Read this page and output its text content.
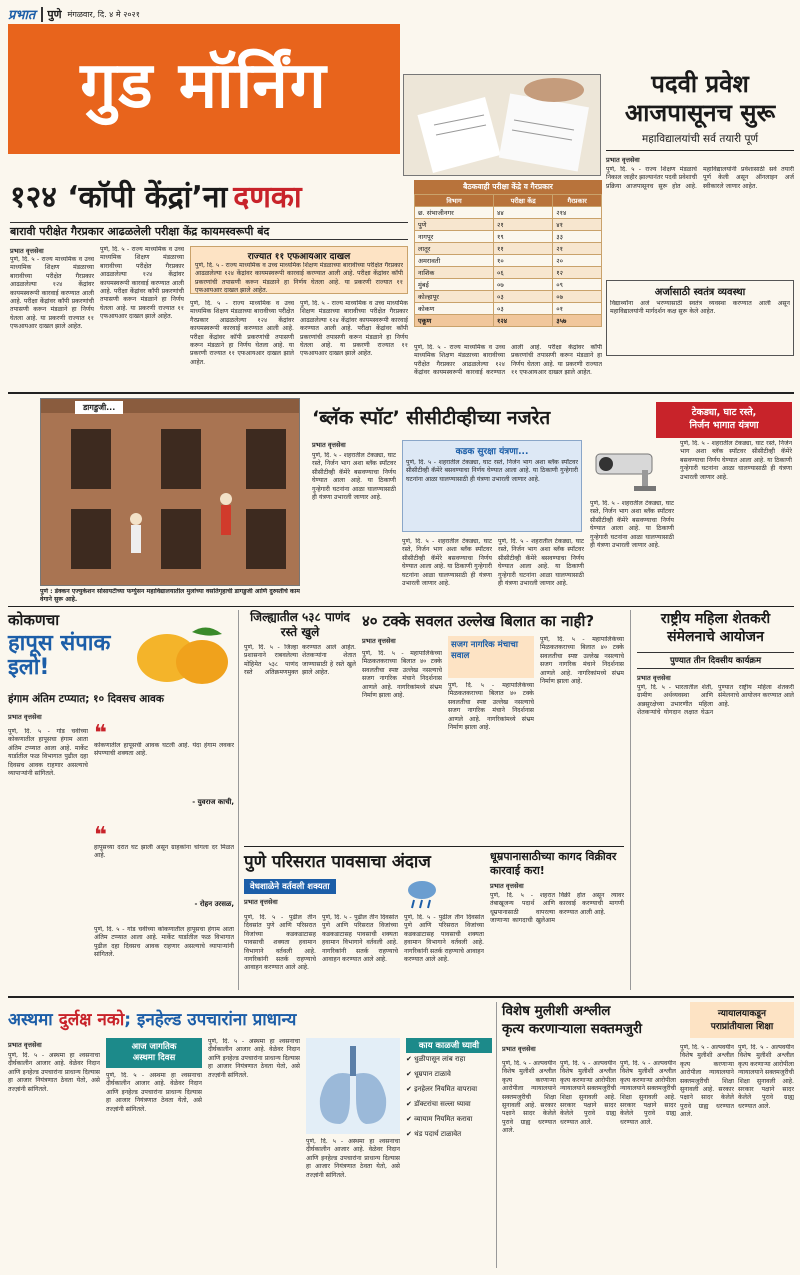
प्रभात	पुणे मंगळवार, दि. ४ मे २०२१
गुड मॉर्निंग	पदवी प्रवेश
आजपासूनच सुरू
महाविद्यालयांची सर्व तयारी पूर्ण
प्रभात वृत्तसेवा
पुणे, दि. ५ - राज्य शिक्षण मंडळाचे निकाल जाहीर झाल्यानंतर पदवी प्रवेशाची प्रक्रिया आजपासूनच सुरू होत आहे. महाविद्यालयांनी प्रवेशासाठी सर्व तयारी पूर्ण केली असून ऑनलाइन अर्ज स्वीकारले जाणार आहेत.
अर्जासाठी स्वतंत्र व्यवस्था
विद्यार्थ्यांना अर्ज भरण्यासाठी स्वतंत्र व्यवस्था करण्यात आली असून महाविद्यालयांनी मार्गदर्शन कक्ष सुरू केले आहेत.
१२४ ‘कॉपी केंद्रां’ना दणका
बारावी परीक्षेत गैरप्रकार आढळलेली परीक्षा केंद्र कायमस्वरूपी बंद
प्रभात वृत्तसेवा
पुणे, दि. ५ - राज्य माध्यमिक व उच्च माध्यमिक शिक्षण मंडळाच्या बारावीच्या परीक्षेत गैरप्रकार आढळलेल्या १२४ केंद्रांवर कायमस्वरूपी कारवाई करण्यात आली आहे. परीक्षा केंद्रांवर कॉपी प्रकरणांची तपासणी करून मंडळाने हा निर्णय घेतला आहे. या प्रकरणी राज्यात ११ एफआयआर दाखल झाले आहेत.
पुणे, दि. ५ - राज्य माध्यमिक व उच्च माध्यमिक शिक्षण मंडळाच्या बारावीच्या परीक्षेत गैरप्रकार आढळलेल्या १२४ केंद्रांवर कायमस्वरूपी कारवाई करण्यात आली आहे. परीक्षा केंद्रांवर कॉपी प्रकरणांची तपासणी करून मंडळाने हा निर्णय घेतला आहे. या प्रकरणी राज्यात ११ एफआयआर दाखल झाले आहेत.
राज्यात ११ एफआयआर दाखल
पुणे, दि. ५ - राज्य माध्यमिक व उच्च माध्यमिक शिक्षण मंडळाच्या बारावीच्या परीक्षेत गैरप्रकार आढळलेल्या १२४ केंद्रांवर कायमस्वरूपी कारवाई करण्यात आली आहे. परीक्षा केंद्रांवर कॉपी प्रकरणांची तपासणी करून मंडळाने हा निर्णय घेतला आहे. या प्रकरणी राज्यात ११ एफआयआर दाखल झाले आहेत.
पुणे, दि. ५ - राज्य माध्यमिक व उच्च माध्यमिक शिक्षण मंडळाच्या बारावीच्या परीक्षेत गैरप्रकार आढळलेल्या १२४ केंद्रांवर कायमस्वरूपी कारवाई करण्यात आली आहे. परीक्षा केंद्रांवर कॉपी प्रकरणांची तपासणी करून मंडळाने हा निर्णय घेतला आहे. या प्रकरणी राज्यात ११ एफआयआर दाखल झाले आहेत.
पुणे, दि. ५ - राज्य माध्यमिक व उच्च माध्यमिक शिक्षण मंडळाच्या बारावीच्या परीक्षेत गैरप्रकार आढळलेल्या १२४ केंद्रांवर कायमस्वरूपी कारवाई करण्यात आली आहे. परीक्षा केंद्रांवर कॉपी प्रकरणांची तपासणी करून मंडळाने हा निर्णय घेतला आहे. या प्रकरणी राज्यात ११ एफआयआर दाखल झाले आहेत.
बैठकवाही परीक्षा केंद्रे व गैरप्रकार
विभाग	परीक्षा केंद्र	गैरप्रकार
छ. संभाजीनगर	४४	२१४
पुणे	२१	४१
नागपूर	१९	३३
लातूर	११	२१
अमरावती	१०	२०
नाशिक	०६	१२
मुंबई	०७	०९
कोल्हापूर	०३	०७
कोकण	०३	०१
एकूण	१२४	३५७
पुणे, दि. ५ - राज्य माध्यमिक व उच्च माध्यमिक शिक्षण मंडळाच्या बारावीच्या परीक्षेत गैरप्रकार आढळलेल्या १२४ केंद्रांवर कायमस्वरूपी कारवाई करण्यात आली आहे. परीक्षा केंद्रांवर कॉपी प्रकरणांची तपासणी करून मंडळाने हा निर्णय घेतला आहे. या प्रकरणी राज्यात ११ एफआयआर दाखल झाले आहेत.
डागडुजी...
पुणे : डेक्कन एज्युकेशन सोसायटीच्या फर्ग्युसन महाविद्यालयातील मुलांच्या वसतिगृहाची डागडुजी आणि दुरुस्तीचे काम वेगाने सुरू आहे.
‘ब्लॅक स्पॉट’ सीसीटीव्हीच्या नजरेत	टेकड्या, घाट रस्ते,
निर्जन भागात यंत्रणा
प्रभात वृत्तसेवा
पुणे, दि. ५ - शहरातील टेकड्या, घाट रस्ते, निर्जन भाग अशा ब्लॅक स्पॉटवर सीसीटीव्ही कॅमेरे बसवण्याचा निर्णय घेण्यात आला आहे. या ठिकाणी गुन्हेगारी घटनांना आळा घालण्यासाठी ही यंत्रणा उभारली जाणार आहे.
कडक सुरक्षा यंत्रणा...
पुणे, दि. ५ - शहरातील टेकड्या, घाट रस्ते, निर्जन भाग अशा ब्लॅक स्पॉटवर सीसीटीव्ही कॅमेरे बसवण्याचा निर्णय घेण्यात आला आहे. या ठिकाणी गुन्हेगारी घटनांना आळा घालण्यासाठी ही यंत्रणा उभारली जाणार आहे.
पुणे, दि. ५ - शहरातील टेकड्या, घाट रस्ते, निर्जन भाग अशा ब्लॅक स्पॉटवर सीसीटीव्ही कॅमेरे बसवण्याचा निर्णय घेण्यात आला आहे. या ठिकाणी गुन्हेगारी घटनांना आळा घालण्यासाठी ही यंत्रणा उभारली जाणार आहे.
पुणे, दि. ५ - शहरातील टेकड्या, घाट रस्ते, निर्जन भाग अशा ब्लॅक स्पॉटवर सीसीटीव्ही कॅमेरे बसवण्याचा निर्णय घेण्यात आला आहे. या ठिकाणी गुन्हेगारी घटनांना आळा घालण्यासाठी ही यंत्रणा उभारली जाणार आहे.
पुणे, दि. ५ - शहरातील टेकड्या, घाट रस्ते, निर्जन भाग अशा ब्लॅक स्पॉटवर सीसीटीव्ही कॅमेरे बसवण्याचा निर्णय घेण्यात आला आहे. या ठिकाणी गुन्हेगारी घटनांना आळा घालण्यासाठी ही यंत्रणा उभारली जाणार आहे.
पुणे, दि. ५ - शहरातील टेकड्या, घाट रस्ते, निर्जन भाग अशा ब्लॅक स्पॉटवर सीसीटीव्ही कॅमेरे बसवण्याचा निर्णय घेण्यात आला आहे. या ठिकाणी गुन्हेगारी घटनांना आळा घालण्यासाठी ही यंत्रणा उभारली जाणार आहे.
कोकणचा
हापूस संपाक इलो!
हंगाम अंतिम टप्प्यात; १० दिवसच आवक
प्रभात वृत्तसेवा
पुणे, दि. ५ - गोड चवीच्या कोकणातील हापूसचा हंगाम आता अंतिम टप्प्यात आला आहे. मार्केट यार्डातील फळ विभागात पुढील दहा दिवसच आवक राहणार असल्याचे व्यापाऱ्यांनी सांगितले.
❝
कोकणातील हापूसची आवक घटली आहे. यंदा हंगाम लवकर संपण्याची शक्यता आहे.
- युवराज काची,
❝
हापूसच्या दरात घट झाली असून ग्राहकांना चांगला दर मिळत आहे.
- रोहन उरसळ,
पुणे, दि. ५ - गोड चवीच्या कोकणातील हापूसचा हंगाम आता अंतिम टप्प्यात आला आहे. मार्केट यार्डातील फळ विभागात पुढील दहा दिवसच आवक राहणार असल्याचे व्यापाऱ्यांनी सांगितले.
जिल्ह्यातील ५३८ पाणंद रस्ते खुले
पुणे, दि. ५ - जिल्हा प्रशासनाने राबवलेल्या मोहिमेत ५३८ पाणंद रस्ते अतिक्रमणमुक्त करण्यात आले आहेत. शेतकऱ्यांना शेतात जाण्यासाठी हे रस्ते खुले झाले आहेत.
४० टक्के सवलत उल्लेख बिलात का नाही?
प्रभात वृत्तसेवा
पुणे, दि. ५ - महापालिकेच्या मिळकतकराच्या बिलात ४० टक्के सवलतीचा स्पष्ट उल्लेख नसल्याचे सजग नागरिक मंचाने निदर्शनास आणले आहे. नागरिकांमध्ये संभ्रम निर्माण झाला आहे.
सजग नागरिक मंचाचा सवाल
पुणे, दि. ५ - महापालिकेच्या मिळकतकराच्या बिलात ४० टक्के सवलतीचा स्पष्ट उल्लेख नसल्याचे सजग नागरिक मंचाने निदर्शनास आणले आहे. नागरिकांमध्ये संभ्रम निर्माण झाला आहे.
पुणे, दि. ५ - महापालिकेच्या मिळकतकराच्या बिलात ४० टक्के सवलतीचा स्पष्ट उल्लेख नसल्याचे सजग नागरिक मंचाने निदर्शनास आणले आहे. नागरिकांमध्ये संभ्रम निर्माण झाला आहे.
राष्ट्रीय महिला शेतकरी संमेलनाचे आयोजन
पुण्यात तीन दिवसीय कार्यक्रम
प्रभात वृत्तसेवा
पुणे, दि. ५ - भारतातील शेती, ग्रामीण अर्थव्यवस्था आणि अन्नसुरक्षेच्या उभारणीत महिला शेतकऱ्यांचे योगदान लक्षात घेऊन पुण्यात राष्ट्रीय महिला शेतकरी संमेलनाचे आयोजन करण्यात आले आहे.
पुणे परिसरात पावसाचा अंदाज
वेधशाळेने वर्तवली शक्यता
प्रभात वृत्तसेवा
पुणे, दि. ५ - पुढील तीन दिवसांत पुणे आणि परिसरात विजांच्या कडकडाटासह पावसाची शक्यता हवामान विभागाने वर्तवली आहे. नागरिकांनी सतर्क राहण्याचे आवाहन करण्यात आले आहे.
पुणे, दि. ५ - पुढील तीन दिवसांत पुणे आणि परिसरात विजांच्या कडकडाटासह पावसाची शक्यता हवामान विभागाने वर्तवली आहे. नागरिकांनी सतर्क राहण्याचे आवाहन करण्यात आले आहे.
पुणे, दि. ५ - पुढील तीन दिवसांत पुणे आणि परिसरात विजांच्या कडकडाटासह पावसाची शक्यता हवामान विभागाने वर्तवली आहे. नागरिकांनी सतर्क राहण्याचे आवाहन करण्यात आले आहे.
धूम्रपानासाठीच्या कागद विक्रीवर कारवाई करा!
प्रभात वृत्तसेवा
पुणे, दि. ५ - शहरात तंबाखूजन्य पदार्थ आणि धूम्रपानासाठी वापरल्या जाणाऱ्या कागदाची खुलेआम विक्री होत असून त्यावर कारवाई करण्याची मागणी करण्यात आली आहे.
अस्थमा दुर्लक्ष नको ; इनहेल्ड उपचारांना प्राधान्य
प्रभात वृत्तसेवा
पुणे, दि. ५ - अस्थमा हा श्वसनाचा दीर्घकालीन आजार आहे. वेळेवर निदान आणि इनहेल्ड उपचारांना प्राधान्य दिल्यास हा आजार नियंत्रणात ठेवता येतो, असे तज्ज्ञांनी सांगितले.
आज जागतिक
अस्थमा दिवस
पुणे, दि. ५ - अस्थमा हा श्वसनाचा दीर्घकालीन आजार आहे. वेळेवर निदान आणि इनहेल्ड उपचारांना प्राधान्य दिल्यास हा आजार नियंत्रणात ठेवता येतो, असे तज्ज्ञांनी सांगितले.
पुणे, दि. ५ - अस्थमा हा श्वसनाचा दीर्घकालीन आजार आहे. वेळेवर निदान आणि इनहेल्ड उपचारांना प्राधान्य दिल्यास हा आजार नियंत्रणात ठेवता येतो, असे तज्ज्ञांनी सांगितले.
पुणे, दि. ५ - अस्थमा हा श्वसनाचा दीर्घकालीन आजार आहे. वेळेवर निदान आणि इनहेल्ड उपचारांना प्राधान्य दिल्यास हा आजार नियंत्रणात ठेवता येतो, असे तज्ज्ञांनी सांगितले.
काय काळजी घ्यावी
✔ धुळीपासून लांब राहा
✔ धूम्रपान टाळावे
✔ इनहेलर नियमित वापरावा
✔ डॉक्टरांचा सल्ला घ्यावा
✔ व्यायाम नियमित करावा
✔ थंड पदार्थ टाळावेत
विशेष मुलीशी अश्लील
कृत्य करणाऱ्याला सक्तमजुरी
न्यायालयाकडून
पराप्रांतीयाला शिक्षा
प्रभात वृत्तसेवा
पुणे, दि. ५ - अल्पवयीन विशेष मुलीशी अश्लील कृत्य करणाऱ्या आरोपीला न्यायालयाने सक्तमजुरीची शिक्षा सुनावली आहे. सरकार पक्षाने सादर केलेले पुरावे ग्राह्य धरण्यात आले.
पुणे, दि. ५ - अल्पवयीन विशेष मुलीशी अश्लील कृत्य करणाऱ्या आरोपीला न्यायालयाने सक्तमजुरीची शिक्षा सुनावली आहे. सरकार पक्षाने सादर केलेले पुरावे ग्राह्य धरण्यात आले.
पुणे, दि. ५ - अल्पवयीन विशेष मुलीशी अश्लील कृत्य करणाऱ्या आरोपीला न्यायालयाने सक्तमजुरीची शिक्षा सुनावली आहे. सरकार पक्षाने सादर केलेले पुरावे ग्राह्य धरण्यात आले.
पुणे, दि. ५ - अल्पवयीन विशेष मुलीशी अश्लील कृत्य करणाऱ्या आरोपीला न्यायालयाने सक्तमजुरीची शिक्षा सुनावली आहे. सरकार पक्षाने सादर केलेले पुरावे ग्राह्य धरण्यात आले.
पुणे, दि. ५ - अल्पवयीन विशेष मुलीशी अश्लील कृत्य करणाऱ्या आरोपीला न्यायालयाने सक्तमजुरीची शिक्षा सुनावली आहे. सरकार पक्षाने सादर केलेले पुरावे ग्राह्य धरण्यात आले.
